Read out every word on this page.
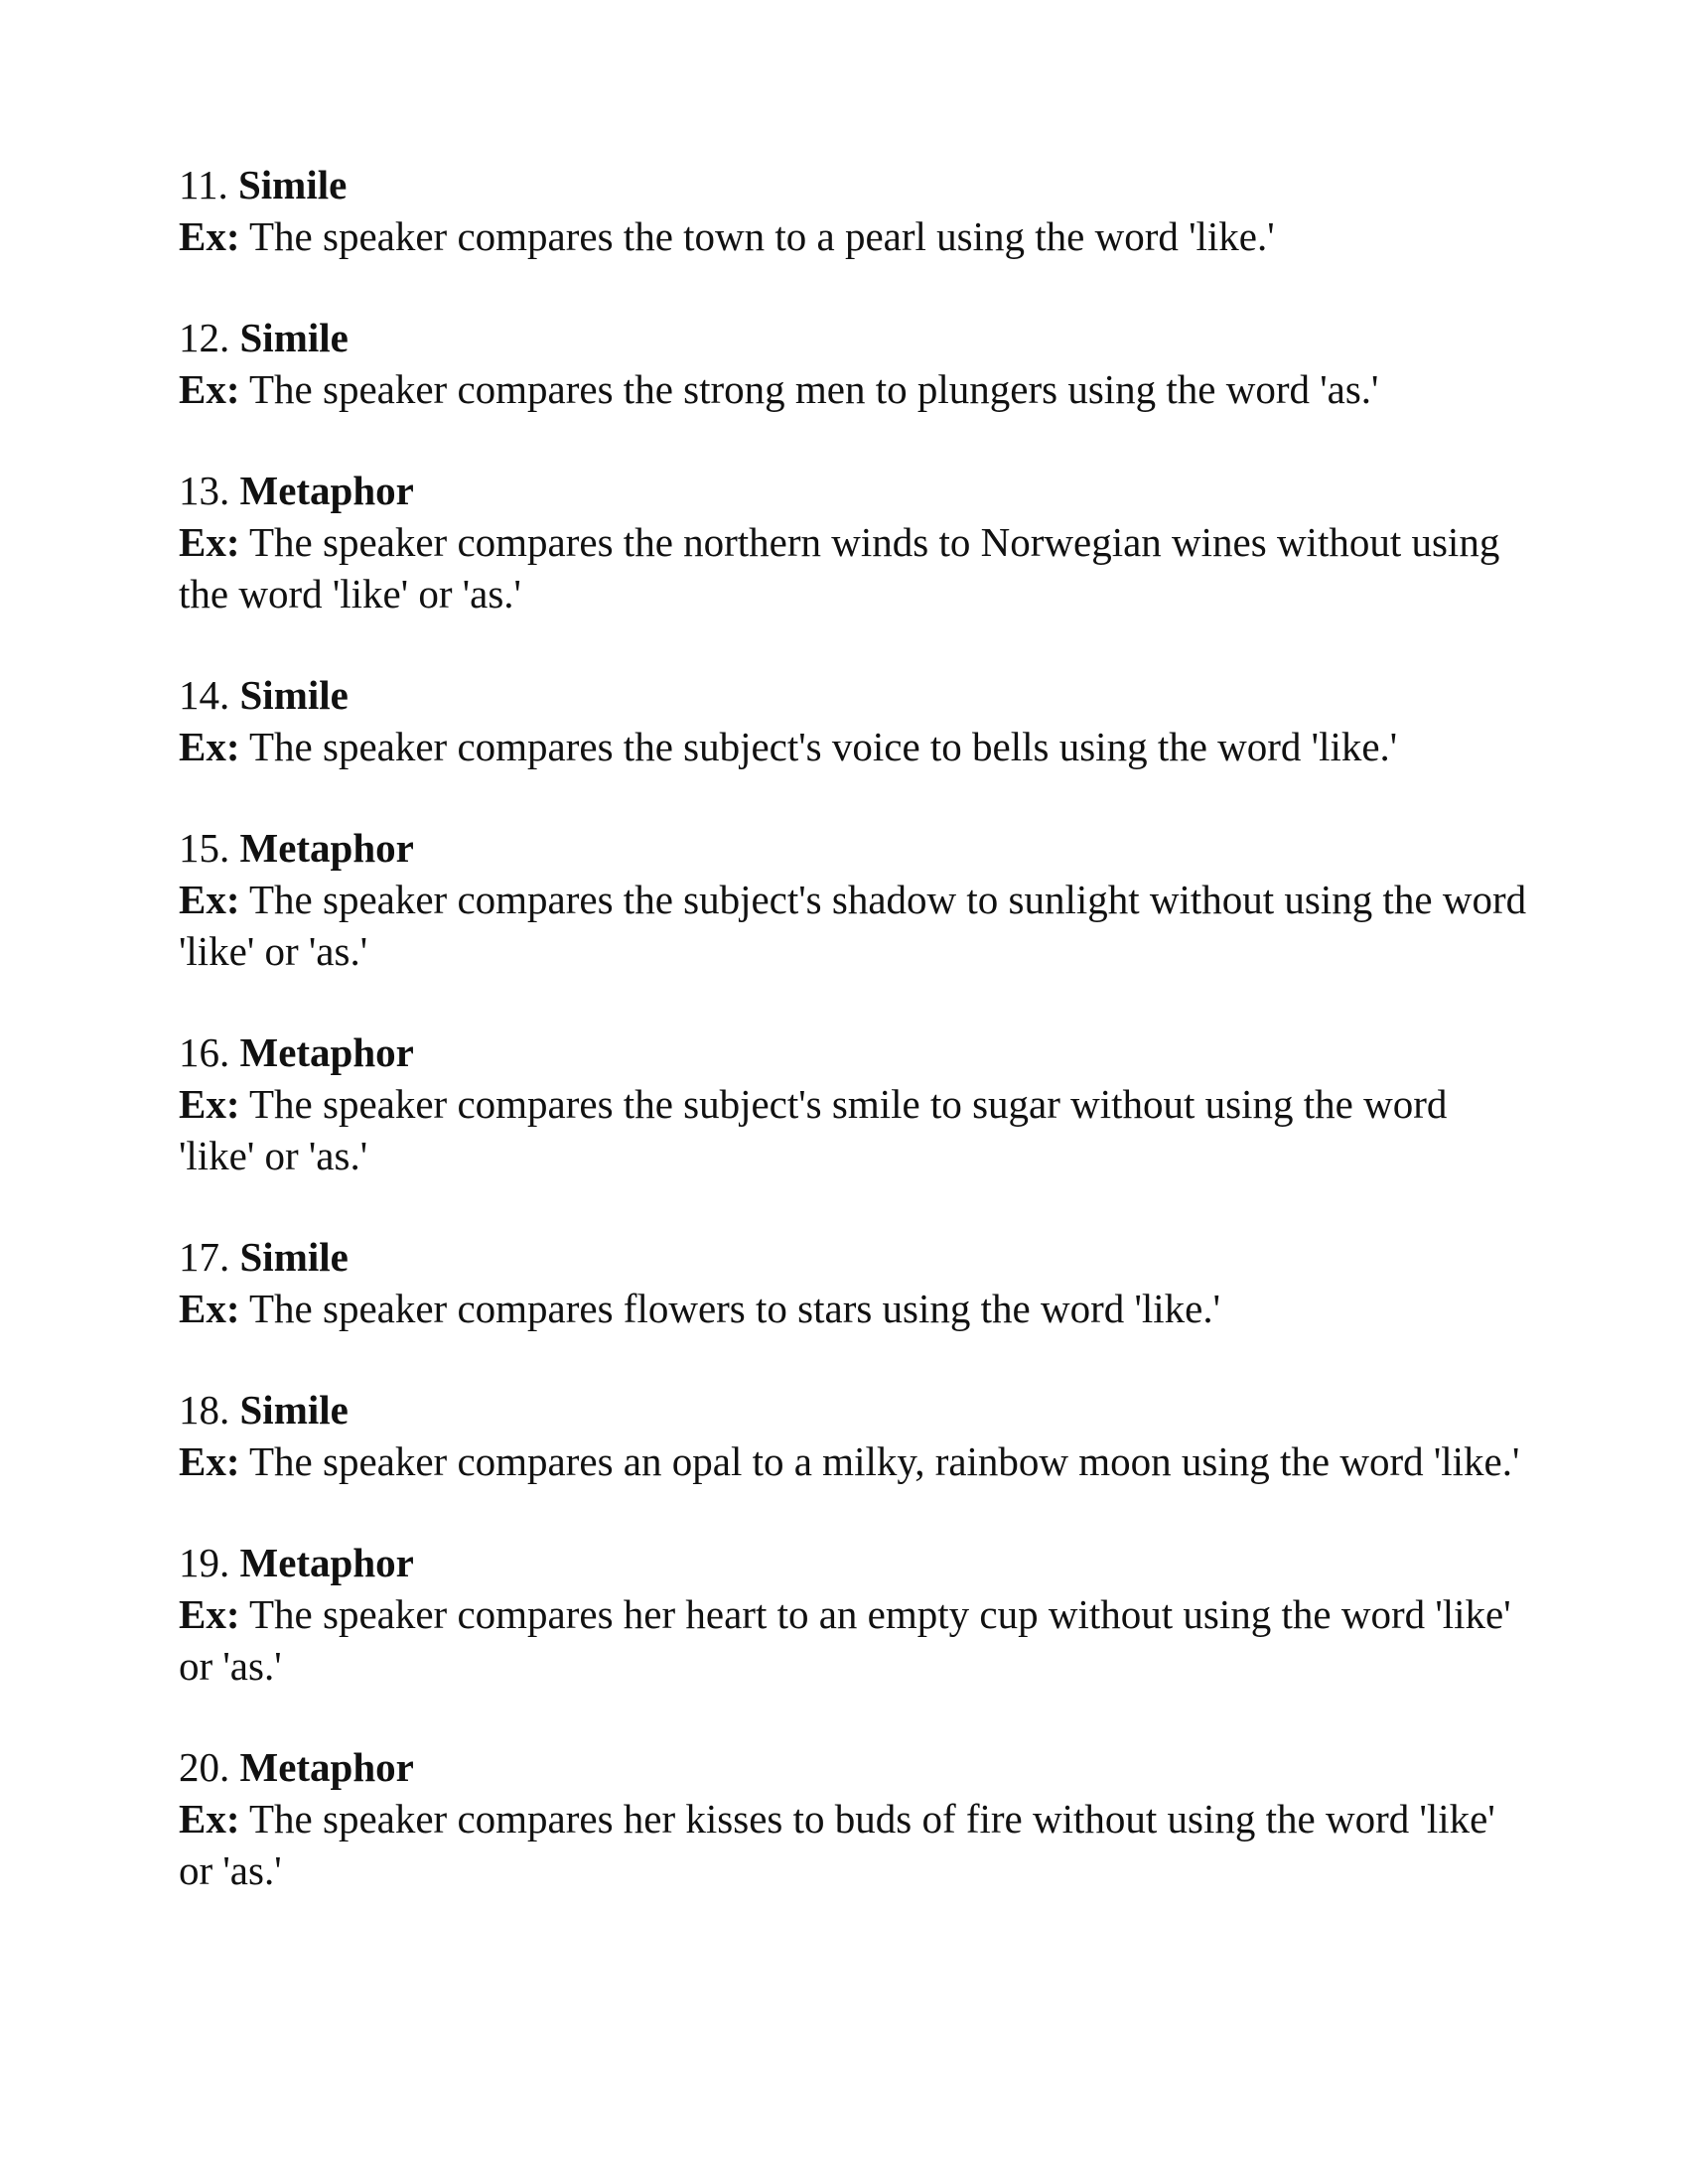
11. Simile
Ex: The speaker compares the town to a pearl using the word 'like.'
12. Simile
Ex: The speaker compares the strong men to plungers using the word 'as.'
13. Metaphor
Ex: The speaker compares the northern winds to Norwegian wines without using the word 'like' or 'as.'
14. Simile
Ex: The speaker compares the subject's voice to bells using the word 'like.'
15. Metaphor
Ex: The speaker compares the subject's shadow to sunlight without using the word 'like' or 'as.'
16. Metaphor
Ex: The speaker compares the subject's smile to sugar without using the word 'like' or 'as.'
17. Simile
Ex: The speaker compares flowers to stars using the word 'like.'
18. Simile
Ex: The speaker compares an opal to a milky, rainbow moon using the word 'like.'
19. Metaphor
Ex: The speaker compares her heart to an empty cup without using the word 'like' or 'as.'
20. Metaphor
Ex: The speaker compares her kisses to buds of fire without using the word 'like' or 'as.'
